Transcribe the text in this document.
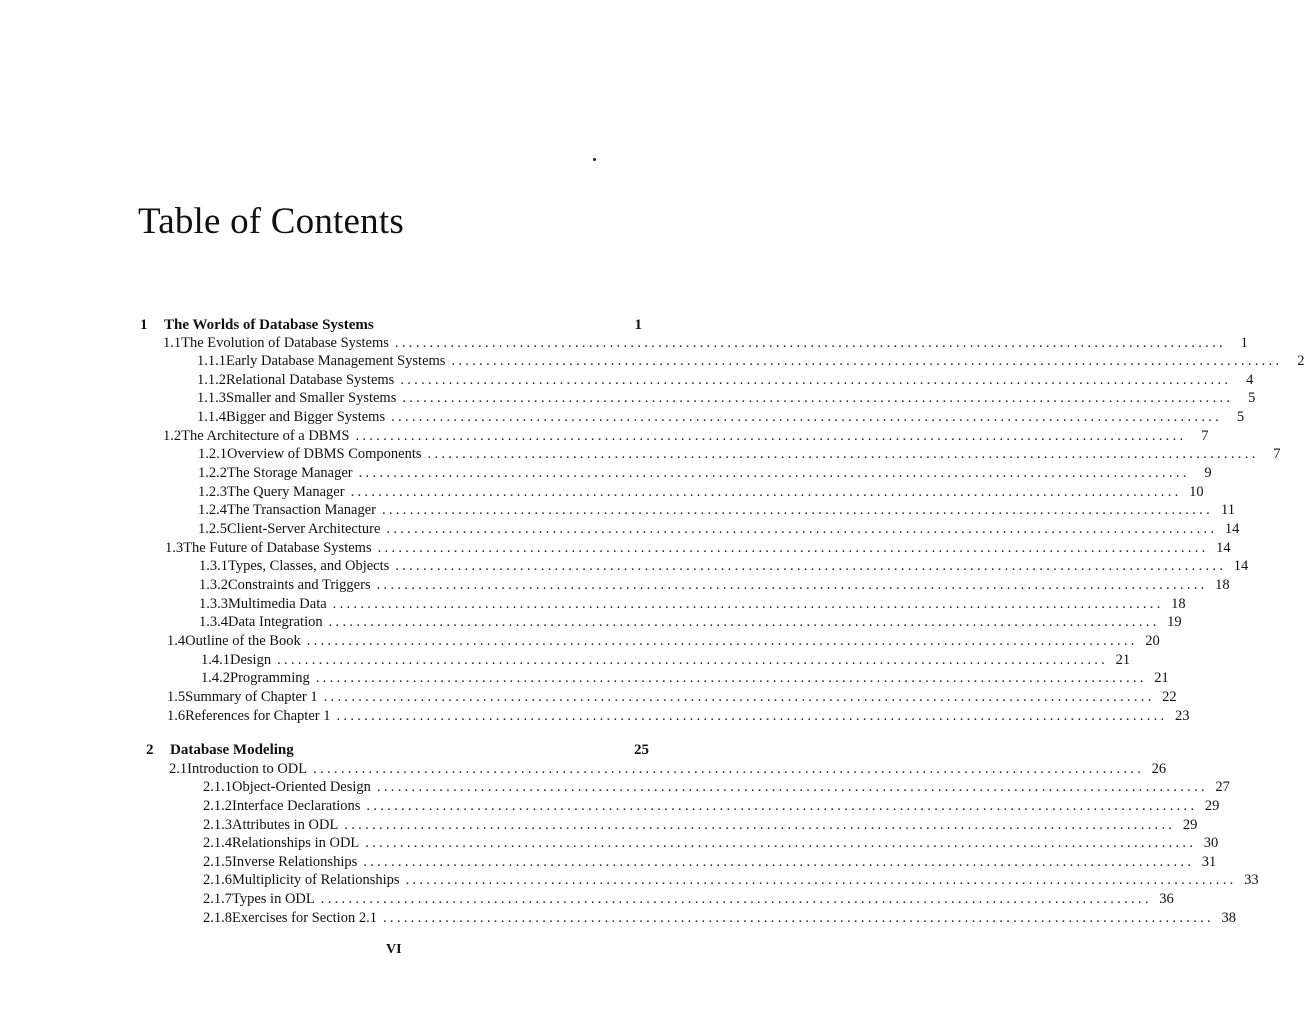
Table of Contents
1	The Worlds of Database Systems	1
1.1 The Evolution of Database Systems ........................................................................................................................	1
1.1.1 Early Database Management Systems ........................................................................................................................	2
1.1.2 Relational Database Systems ........................................................................................................................	4
1.1.3 Smaller and Smaller Systems ........................................................................................................................	5
1.1.4 Bigger and Bigger Systems ........................................................................................................................	5
1.2 The Architecture of a DBMS ........................................................................................................................	7
1.2.1 Overview of DBMS Components ........................................................................................................................	7
1.2.2 The Storage Manager ........................................................................................................................	9
1.2.3 The Query Manager ........................................................................................................................ 10
1.2.4 The Transaction Manager ........................................................................................................................ 11
1.2.5 Client-Server Architecture ........................................................................................................................ 14
1.3 The Future of Database Systems ........................................................................................................................ 14
1.3.1 Types, Classes, and Objects ........................................................................................................................ 14
1.3.2 Constraints and Triggers ........................................................................................................................ 18
1.3.3 Multimedia Data ........................................................................................................................ 18
1.3.4 Data Integration ........................................................................................................................ 19
1.4 Outline of the Book ........................................................................................................................ 20
1.4.1 Design ........................................................................................................................ 21
1.4.2 Programming ........................................................................................................................ 21
1.5 Summary of Chapter 1 ........................................................................................................................ 22
1.6 References for Chapter 1 ........................................................................................................................ 23
2	Database Modeling	25
2.1 Introduction to ODL ........................................................................................................................ 26
2.1.1 Object-Oriented Design ........................................................................................................................ 27
2.1.2 Interface Declarations ........................................................................................................................ 29
2.1.3 Attributes in ODL ........................................................................................................................ 29
2.1.4 Relationships in ODL ........................................................................................................................ 30
2.1.5 Inverse Relationships ........................................................................................................................ 31
2.1.6 Multiplicity of Relationships ........................................................................................................................ 33
2.1.7 Types in ODL ........................................................................................................................ 36
2.1.8 Exercises for Section 2.1 ........................................................................................................................ 38
VI
